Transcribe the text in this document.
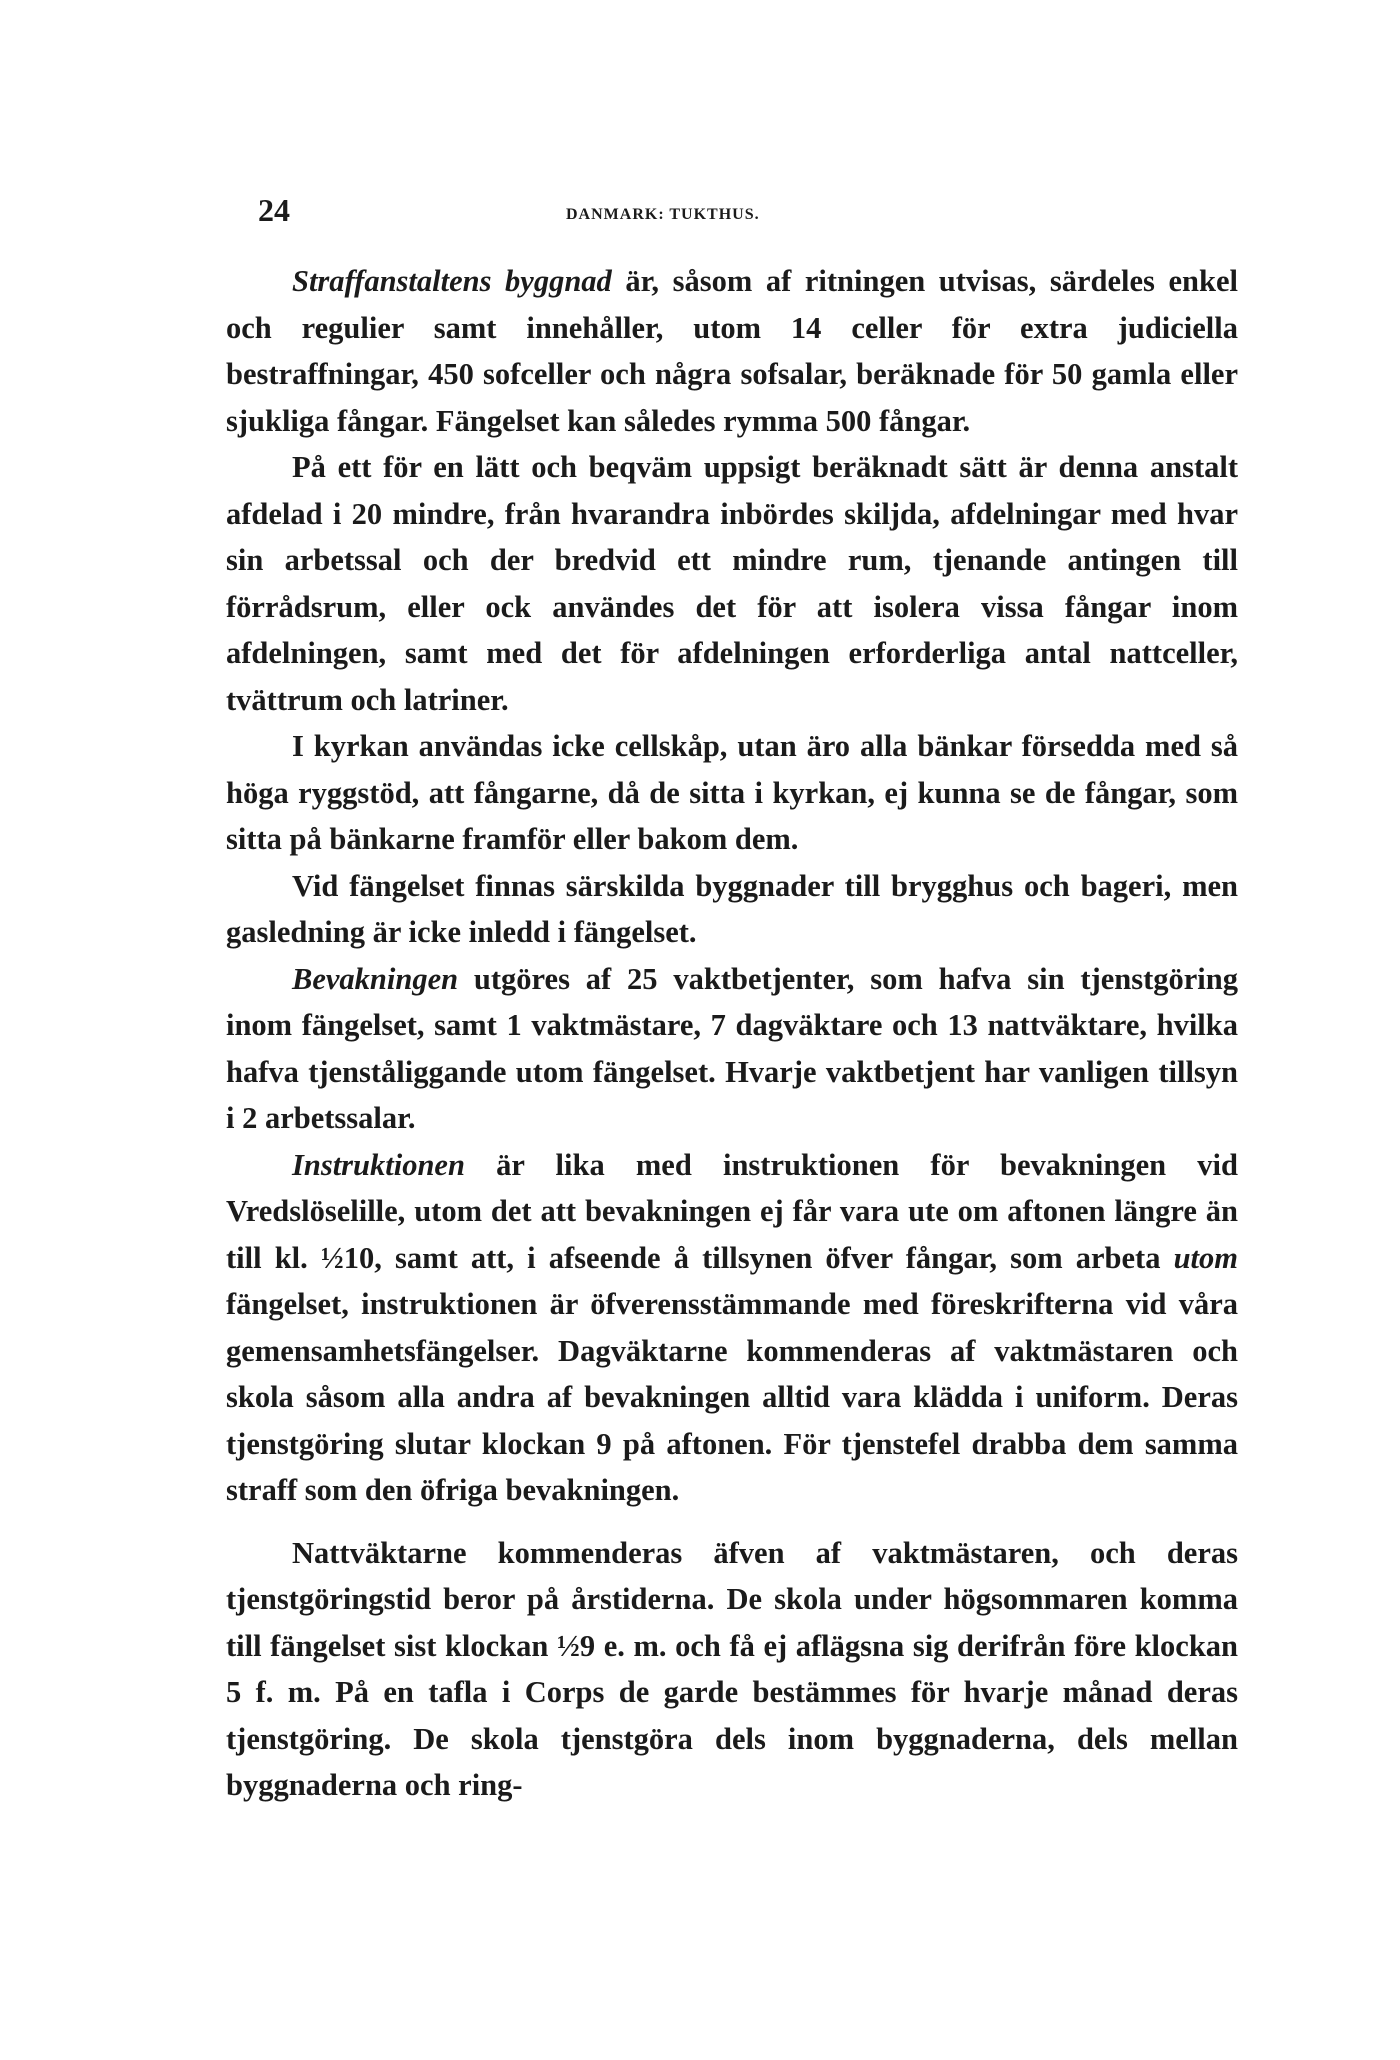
24	DANMARK: TUKTHUS.

Straffanstaltens byggnad är, såsom af ritningen utvisas, särdeles enkel och regulier samt innehåller, utom 14 celler för extra judiciella bestraffningar, 450 sofceller och några sofsalar, beräknade för 50 gamla eller sjukliga fångar. Fängelset kan således rymma 500 fångar.

På ett för en lätt och beqväm uppsigt beräknadt sätt är denna anstalt afdelad i 20 mindre, från hvarandra inbördes skiljda, afdelningar med hvar sin arbetssal och der bredvid ett mindre rum, tjenande antingen till förrådsrum, eller ock användes det för att isolera vissa fångar inom afdelningen, samt med det för afdelningen erforderliga antal nattceller, tvättrum och latriner.

I kyrkan användas icke cellskåp, utan äro alla bänkar försedda med så höga ryggstöd, att fångarne, då de sitta i kyrkan, ej kunna se de fångar, som sitta på bänkarne framför eller bakom dem.

Vid fängelset finnas särskilda byggnader till brygghus och bageri, men gasledning är icke inledd i fängelset.

Bevakningen utgöres af 25 vaktbetjenter, som hafva sin tjenstgöring inom fängelset, samt 1 vaktmästare, 7 dagväktare och 13 nattväktare, hvilka hafva tjenståliggande utom fängelset. Hvarje vaktbetjent har vanligen tillsyn i 2 arbetssalar.

Instruktionen är lika med instruktionen för bevakningen vid Vredslöselille, utom det att bevakningen ej får vara ute om aftonen längre än till kl. ½10, samt att, i afseende å tillsynen öfver fångar, som arbeta utom fängelset, instruktionen är öfverensstämmande med föreskrifterna vid våra gemensamhetsfängelser. Dagväktarne kommenderas af vaktmästaren och skola såsom alla andra af bevakningen alltid vara klädda i uniform. Deras tjenstgöring slutar klockan 9 på aftonen. För tjenstefel drabba dem samma straff som den öfriga bevakningen.

Nattväktarne kommenderas äfven af vaktmästaren, och deras tjenstgöringstid beror på årstiderna. De skola under högsommaren komma till fängelset sist klockan ½9 e. m. och få ej aflägsna sig derifrån före klockan 5 f. m. På en tafla i Corps de garde bestämmes för hvarje månad deras tjenstgöring. De skola tjenstgöra dels inom byggnaderna, dels mellan byggnaderna och ring-
